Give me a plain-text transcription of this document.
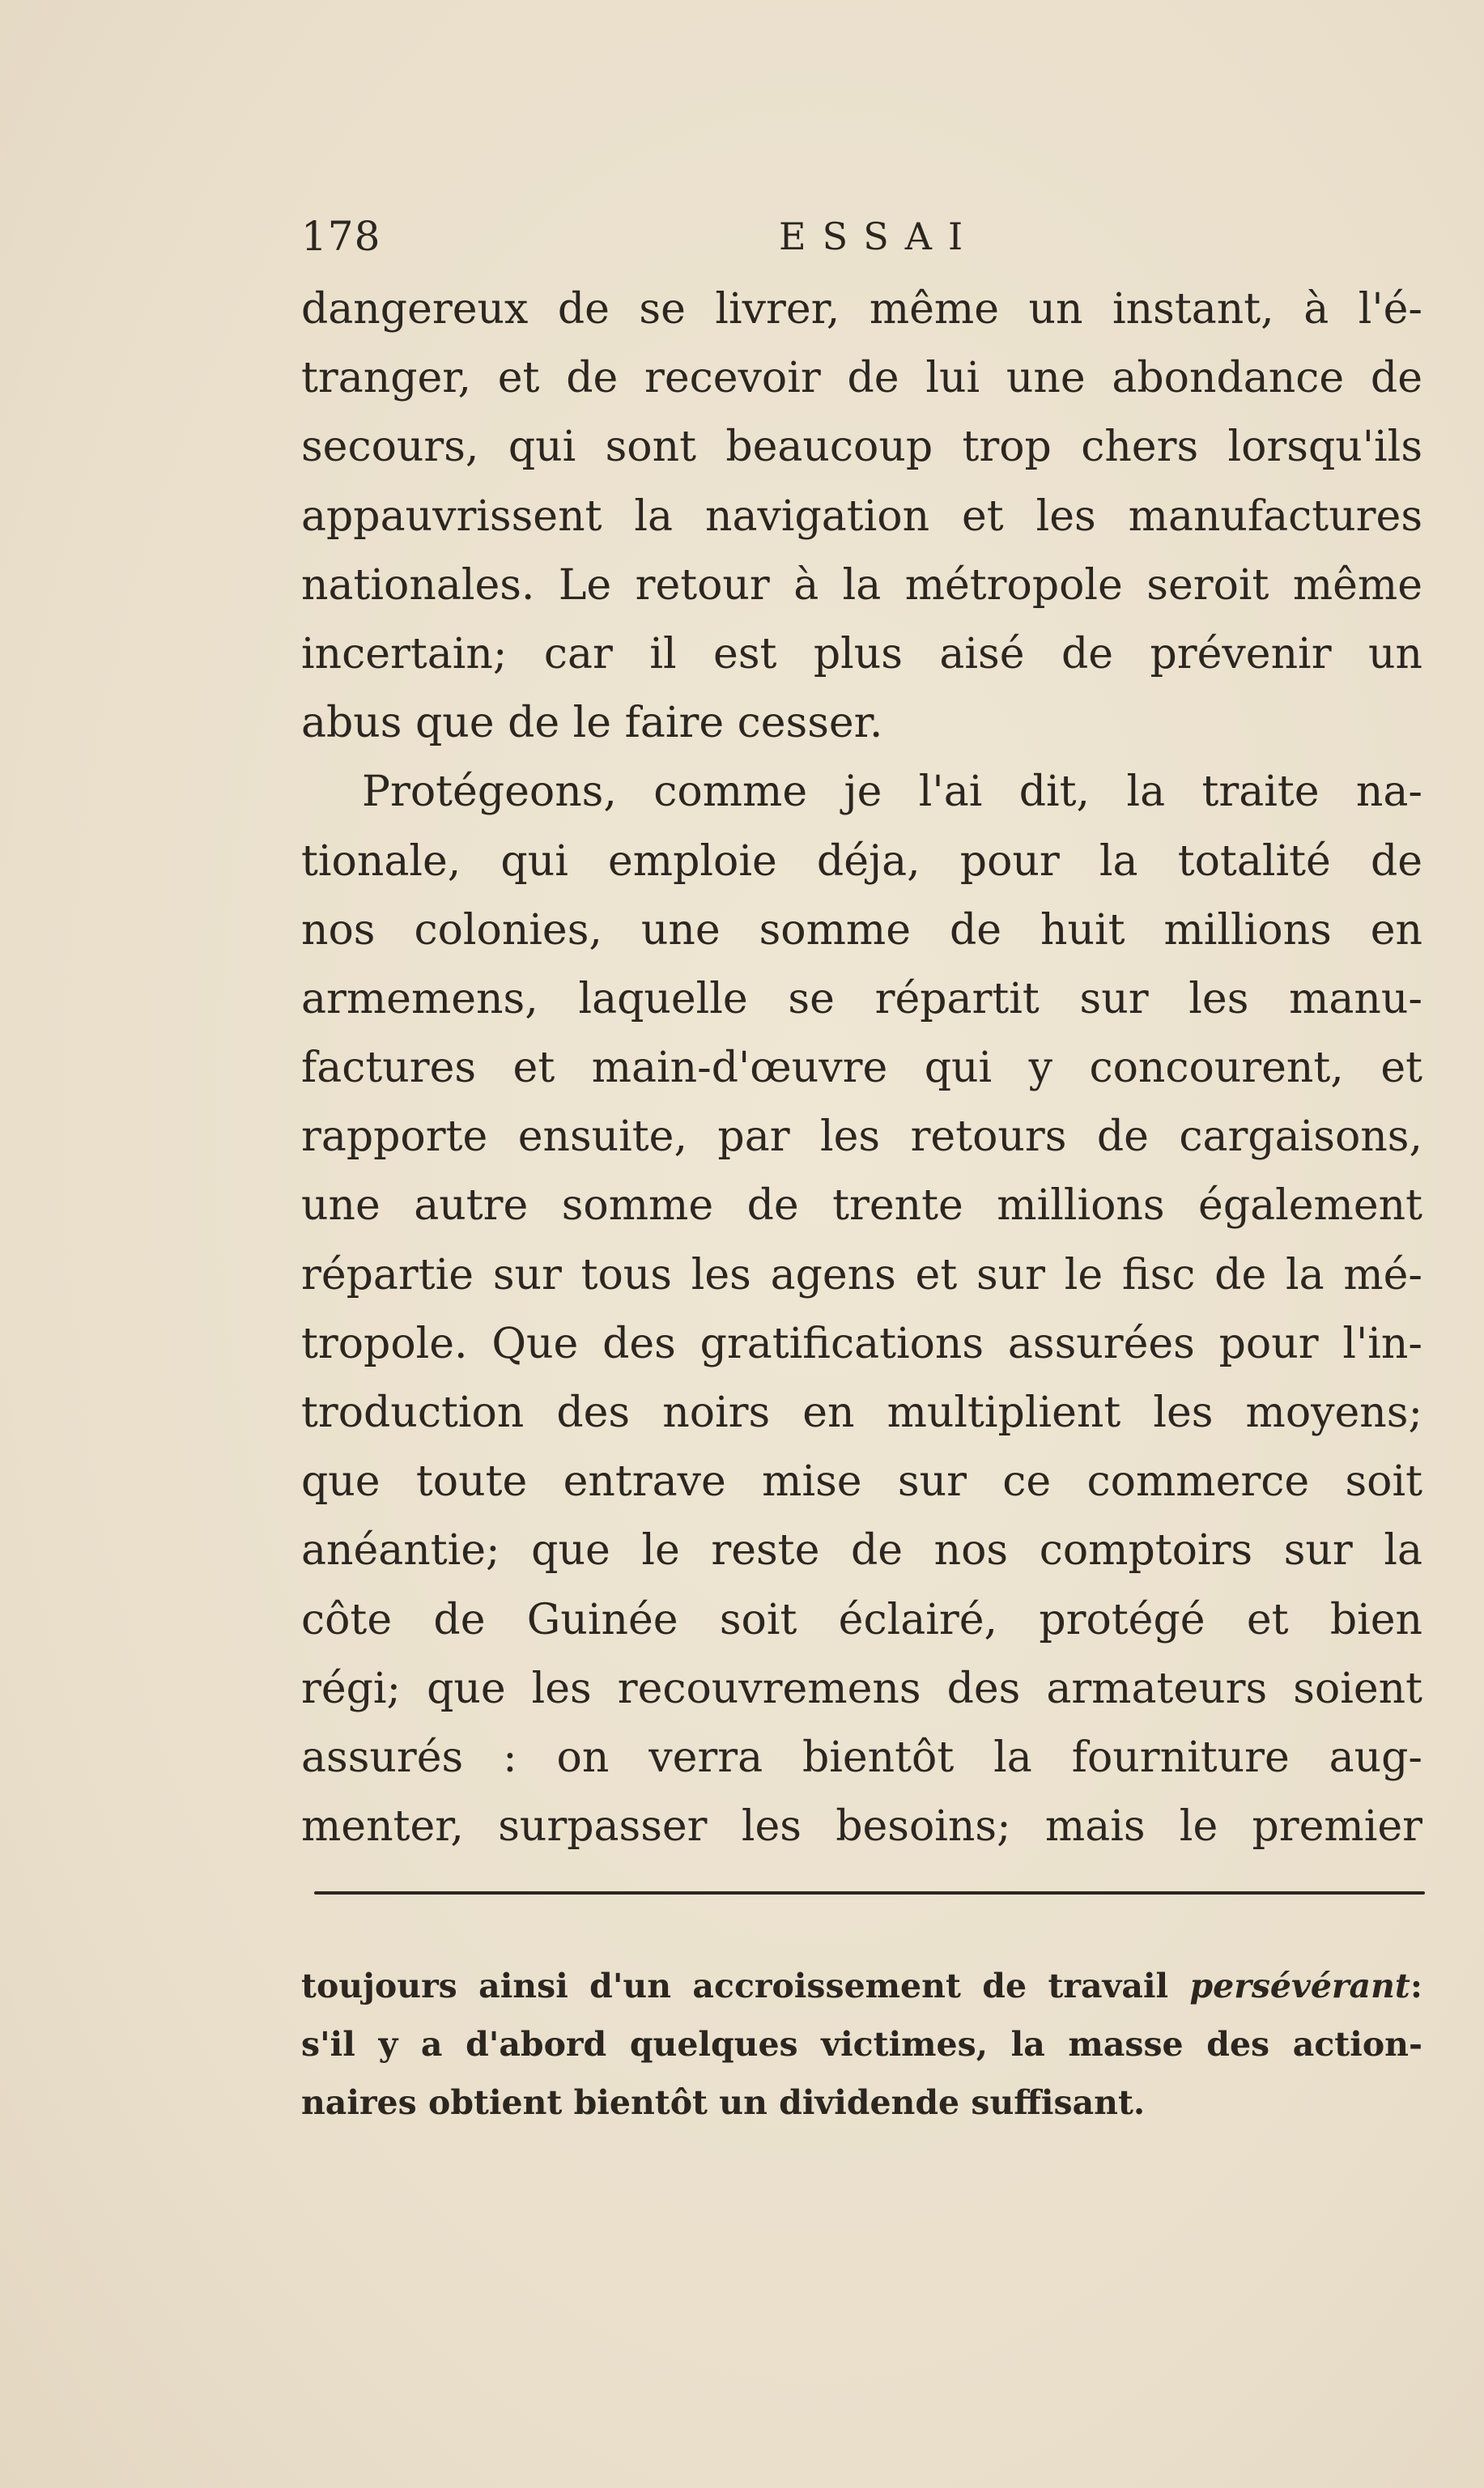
178	ESSAI
dangereux de se livrer, même un instant, à l'é-
tranger, et de recevoir de lui une abondance de
secours, qui sont beaucoup trop chers lorsqu'ils
appauvrissent la navigation et les manufactures
nationales. Le retour à la métropole seroit même
incertain; car il est plus aisé de prévenir un
abus que de le faire cesser.
Protégeons, comme je l'ai dit, la traite na-
tionale, qui emploie déja, pour la totalité de
nos colonies, une somme de huit millions en
armemens, laquelle se répartit sur les manu-
factures et main-d'œuvre qui y concourent, et
rapporte ensuite, par les retours de cargaisons,
une autre somme de trente millions également
répartie sur tous les agens et sur le fisc de la mé-
tropole. Que des gratifications assurées pour l'in-
troduction des noirs en multiplient les moyens;
que toute entrave mise sur ce commerce soit
anéantie; que le reste de nos comptoirs sur la
côte de Guinée soit éclairé, protégé et bien
régi; que les recouvremens des armateurs soient
assurés : on verra bientôt la fourniture aug-
menter, surpasser les besoins; mais le premier
toujours ainsi d'un accroissement de travail persévérant:
s'il y a d'abord quelques victimes, la masse des action-
naires obtient bientôt un dividende suffisant.
